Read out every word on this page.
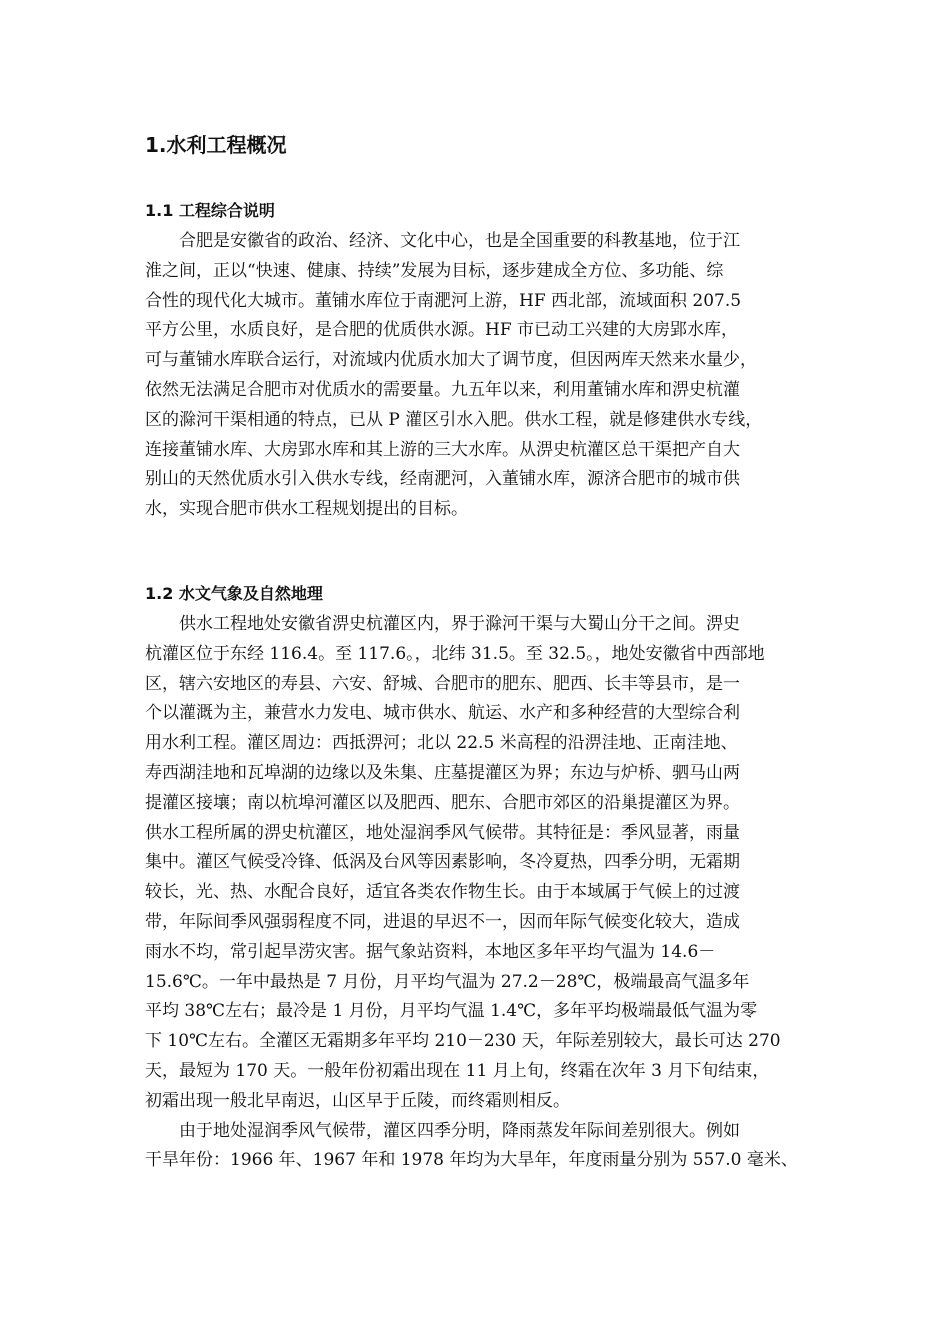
1.水利工程概况
1.1 工程综合说明
合肥是安徽省的政治、经济、文化中心，也是全国重要的科教基地，位于江
淮之间，正以“快速、健康、持续”发展为目标，逐步建成全方位、多功能、综
合性的现代化大城市。董铺水库位于南淝河上游，HF 西北部，流域面积 207.5
平方公里，水质良好，是合肥的优质供水源。HF 市已动工兴建的大房郢水库，
可与董铺水库联合运行，对流域内优质水加大了调节度，但因两库天然来水量少，
依然无法满足合肥市对优质水的需要量。九五年以来，利用董铺水库和淠史杭灌
区的滁河干渠相通的特点，已从 P 灌区引水入肥。供水工程，就是修建供水专线，
连接董铺水库、大房郢水库和其上游的三大水库。从淠史杭灌区总干渠把产自大
别山的天然优质水引入供水专线，经南淝河，入董铺水库，源济合肥市的城市供
水，实现合肥市供水工程规划提出的目标。
1.2 水文气象及自然地理
供水工程地处安徽省淠史杭灌区内，界于滁河干渠与大蜀山分干之间。淠史
杭灌区位于东经 116.4。至 117.6。，北纬 31.5。至 32.5。，地处安徽省中西部地
区，辖六安地区的寿县、六安、舒城、合肥市的肥东、肥西、长丰等县市，是一
个以灌溉为主，兼营水力发电、城市供水、航运、水产和多种经营的大型综合利
用水利工程。灌区周边：西抵淠河；北以 22.5 米高程的沿淠洼地、正南洼地、
寿西湖洼地和瓦埠湖的边缘以及朱集、庄墓提灌区为界；东边与炉桥、驷马山两
提灌区接壤；南以杭埠河灌区以及肥西、肥东、合肥市郊区的沿巢提灌区为界。
供水工程所属的淠史杭灌区，地处湿润季风气候带。其特征是：季风显著，雨量
集中。灌区气候受冷锋、低涡及台风等因素影响，冬冷夏热，四季分明，无霜期
较长，光、热、水配合良好，适宜各类农作物生长。由于本域属于气候上的过渡
带，年际间季风强弱程度不同，进退的早迟不一，因而年际气候变化较大，造成
雨水不均，常引起旱涝灾害。据气象站资料，本地区多年平均气温为 14.6－
15.6℃。一年中最热是 7 月份，月平均气温为 27.2－28℃，极端最高气温多年
平均 38℃左右；最冷是 1 月份，月平均气温 1.4℃，多年平均极端最低气温为零
下 10℃左右。全灌区无霜期多年平均 210－230 天，年际差别较大，最长可达 270
天，最短为 170 天。一般年份初霜出现在 11 月上旬，终霜在次年 3 月下旬结束，
初霜出现一般北早南迟，山区早于丘陵，而终霜则相反。
由于地处湿润季风气候带，灌区四季分明，降雨蒸发年际间差别很大。例如
干旱年份：1966 年、1967 年和 1978 年均为大旱年，年度雨量分别为 557.0 毫米、
